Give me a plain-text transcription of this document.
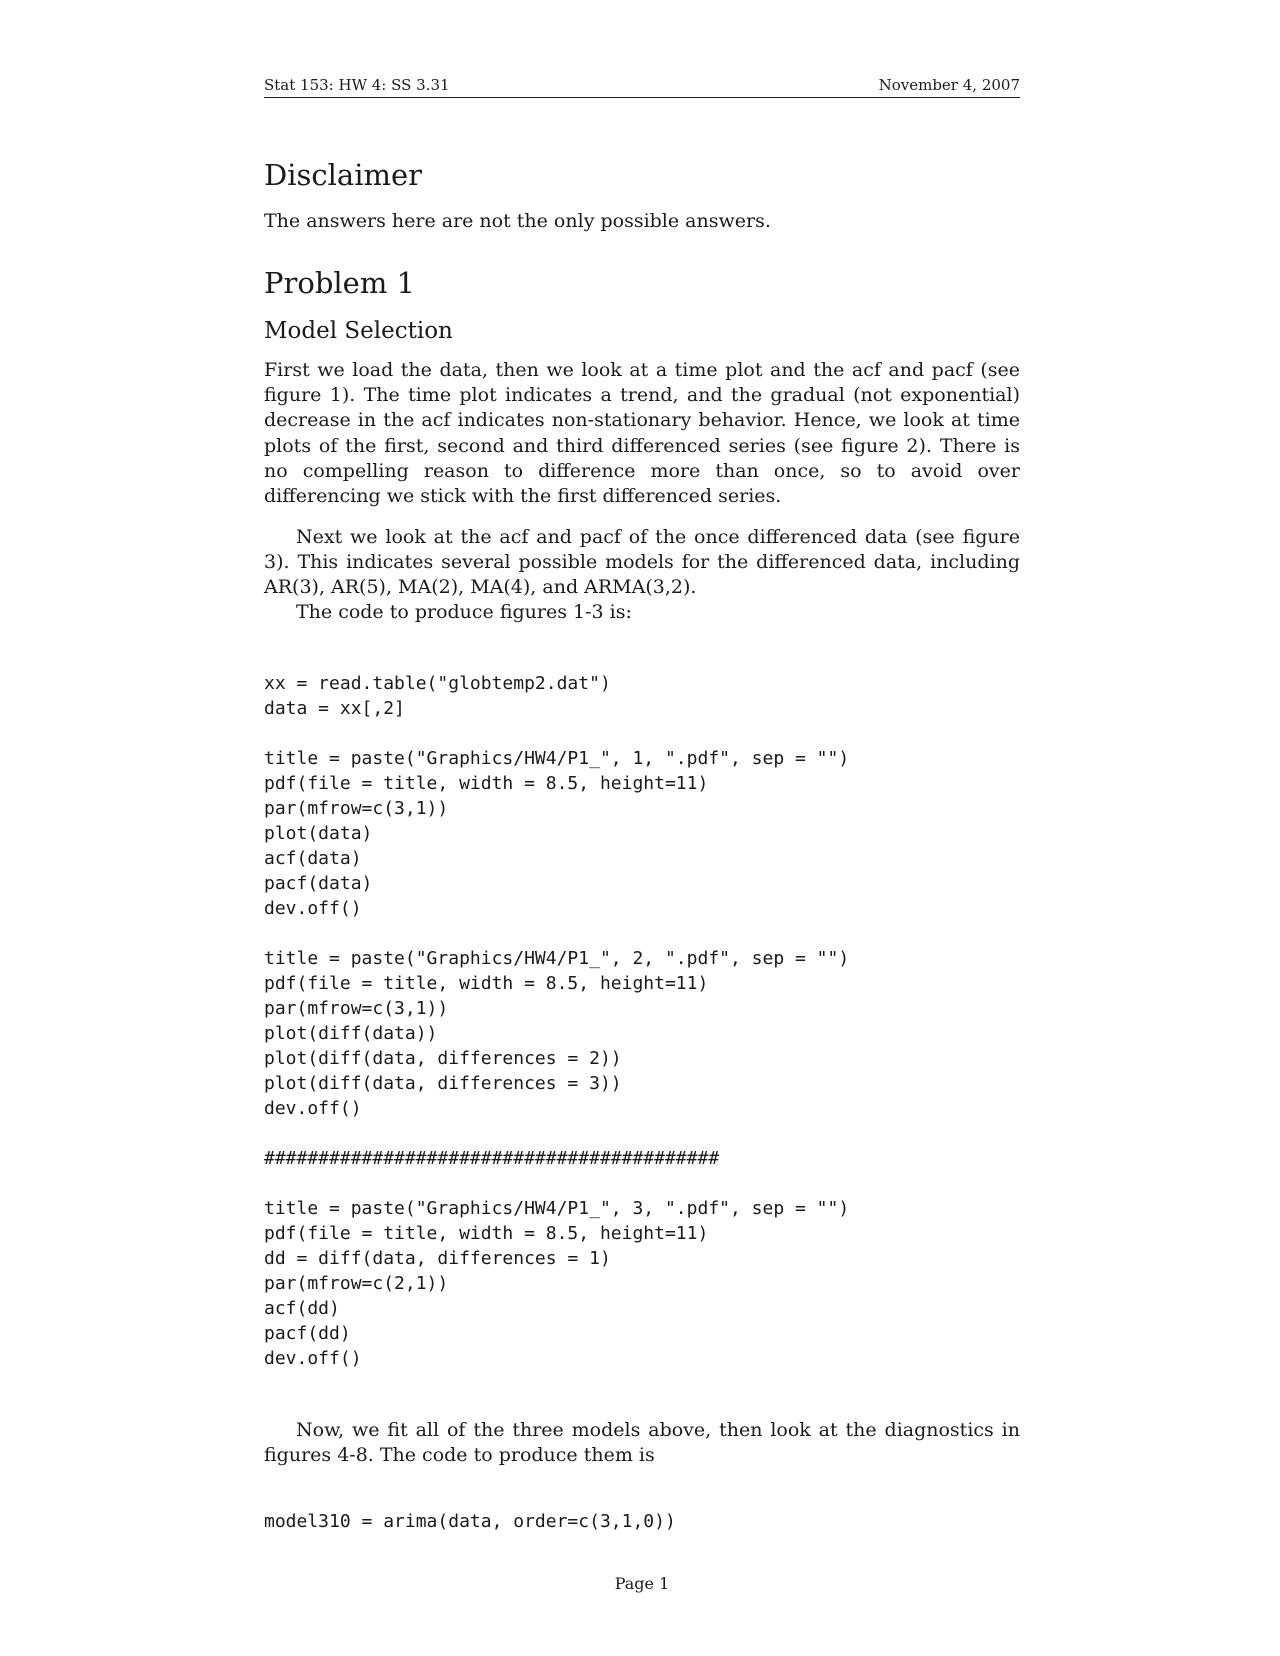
Stat 153: HW 4: SS 3.31	November 4, 2007
Disclaimer

The answers here are not the only possible answers.

Problem 1
Model Selection

First we load the data, then we look at a time plot and the acf and pacf (see figure 1). The time plot indicates a trend, and the gradual (not exponential) decrease in the acf indicates non-stationary behavior. Hence, we look at time plots of the first, second and third differenced series (see figure 2). There is no compelling reason to difference more than once, so to avoid over differencing we stick with the first differenced series.

Next we look at the acf and pacf of the once differenced data (see figure 3). This indicates several possible models for the differenced data, including AR(3), AR(5), MA(2), MA(4), and ARMA(3,2).

The code to produce figures 1-3 is:

xx = read.table("globtemp2.dat")
data = xx[,2]

title = paste("Graphics/HW4/P1_", 1, ".pdf", sep = "")
pdf(file = title, width = 8.5, height=11)
par(mfrow=c(3,1))
plot(data)
acf(data)
pacf(data)
dev.off()

title = paste("Graphics/HW4/P1_", 2, ".pdf", sep = "")
pdf(file = title, width = 8.5, height=11)
par(mfrow=c(3,1))
plot(diff(data))
plot(diff(data, differences = 2))
plot(diff(data, differences = 3))
dev.off()

##########################################

title = paste("Graphics/HW4/P1_", 3, ".pdf", sep = "")
pdf(file = title, width = 8.5, height=11)
dd = diff(data, differences = 1)
par(mfrow=c(2,1))
acf(dd)
pacf(dd)
dev.off()

Now, we fit all of the three models above, then look at the diagnostics in figures 4-8. The code to produce them is

model310 = arima(data, order=c(3,1,0))
Page 1
